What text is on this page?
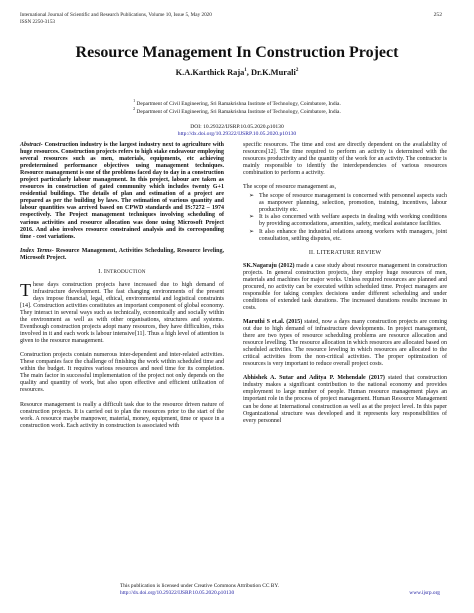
International Journal of Scientific and Research Publications, Volume 10, Issue 5, May 2020
ISSN 2250-3153
252
Resource Management In Construction Project
K.A.Karthick Raja$^1$, Dr.K.Murali$^2$
$^1$ Department of Civil Engineering, Sri Ramakrishna Institute of Technology, Coimbatore, India.
$^2$ Department of Civil Engineering, Sri Ramakrishna Institute of Technology, Coimbatore, India.
DOI: 10.29322/IJSRP.10.05.2020.p10130
http://dx.doi.org/10.29322/IJSRP.10.05.2020.p10130

Abstract- Construction industry is the largest industry next to agriculture with huge resources. Construction projects refers to high stake endeavour employing several resources such as men, materials, equipments, etc achieving predetermined performance objectives using management techniques. Resource management is one of the problems faced day to day in a construction project particularly labour management. In this project, labour are taken as resources in construction of gated community which includes twenty G+1 residential buildings. The details of plan and estimation of a project are prepared as per the building by laws. The estimation of various quantity and labour quantities was arrived based on CPWD standards and IS:7272 – 1974 respectively. The Project management techniques involving scheduling of various activities and resource allocation was done using Microsoft Project 2016. And also involves resource constrained analysis and its corresponding time - cost variations.

Index Terms- Resource Management, Activities Scheduling, Resource leveling, Microsoft Project.

I. INTRODUCTION

These days construction projects have increased due to high demand of infrastructure development. The fast changing environments of the present days impose financial, legal, ethical, environmental and logistical constraints [14]. Construction activities constitutes an important component of global economy. They interact in several ways such as technically, economically and socially within the environment as well as with other organisations, structures and systems. Eventhough construction projects adopt many resources, they have difficulties, risks involved in it and each work is labour intensive[11]. Thus a high level of attention is given to the resource management.

Construction projects contain numerous inter-dependent and inter-related activities. These companies face the challenge of finishing the work within scheduled time and within the budget. It requires various resources and need time for its completion. The main factor in successful implementation of the project not only depends on the quality and quantity of work, but also upon effective and efficient utilization of resources.

Resource management is really a difficult task due to the resource driven nature of construction projects. It is carried out to plan the resources prior to the start of the work. A resource maybe manpower, material, money, equipment, time or space in a construction work. Each activity in construction is associated with

specific resources. The time and cost are directly dependent on the availability of resources[12]. The time required to perform an activity is determined with the resources productivity and the quantity of the work for an activity. The contractor is mainly responsible to identify the interdependencies of various resources combination to perform a activity.

The scope of resource management as,

➢ The scope of resource management is concerned with personnel aspects such as manpower planning, selection, promotion, training, incentives, labour productivity etc.
➢ It is also concerned with welfare aspects in dealing with working conditions by providing accomodations, amenities, safety, medical assistance facilities.
➢ It also enhance the industrial relations among workers with managers, joint consultation, settling disputes, etc.
II. LITERATURE REVIEW

SK.Nagaraju (2012) made a case study about resource management in construction projects. In general construction projects, they employ huge resources of men, materials and machines for major works. Unless required resources are planned and procured, no activity can be executed within scheduled time. Project managers are responsible for taking complex decisions under different scheduling and under conditions of extended task durations. The increased durations results increase in costs.

Maruthi S et.al. (2015) stated, now a days many construction projects are coming out due to high demand of infrastructure developments. In project management, there are two types of resource scheduling problems are resource allocation and resource levelling. The resource allocation in which resources are allocated based on scheduled activities. The resource leveling in which resources are allocated to the critical activities from the non-critical activities. The proper optimization of resources is very important to reduce overall project costs.

Abhishek A. Sutar and Aditya P. Mehendale (2017) stated that construction industry makes a significant contribution to the national economy and provides employment to large number of people. Human resource management plays an important role in the process of project management. Human Resource Management can be done at International construction as well as at the project level. In this paper Organizational structure was developed and it represents key responsibilities of every personnel

This publication is licensed under Creative Commons Attribution CC BY.
http://dx.doi.org/10.29322/IJSRP.10.05.2020.p10130	www.ijsrp.org
